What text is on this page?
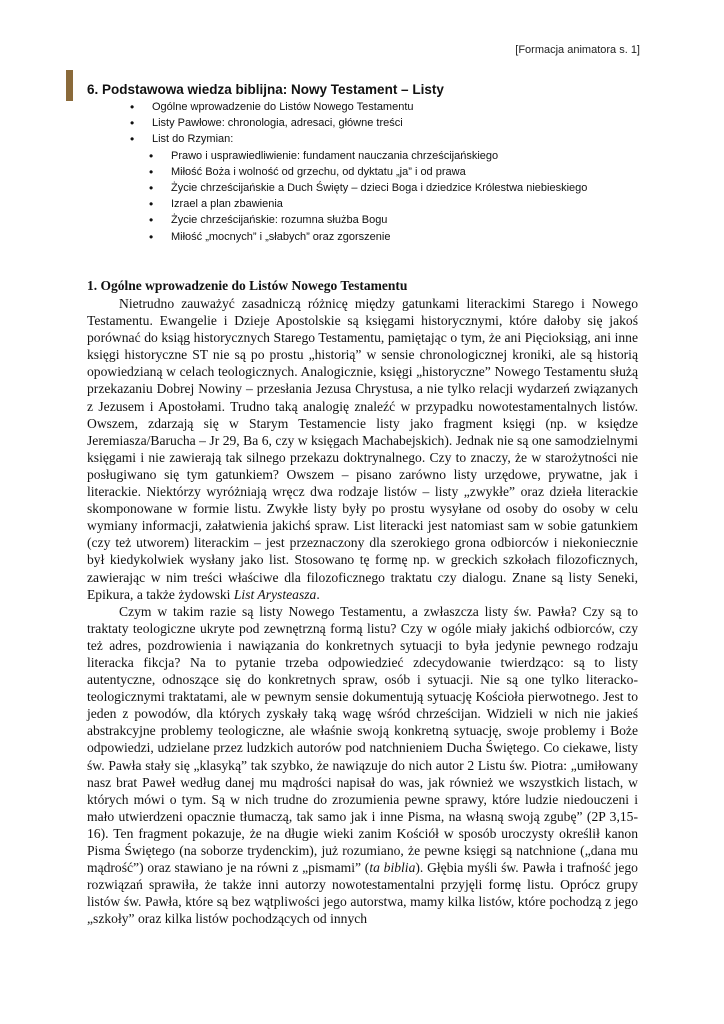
[Formacja animatora s. 1]
6. Podstawowa wiedza biblijna: Nowy Testament – Listy
• Ogólne wprowadzenie do Listów Nowego Testamentu
• Listy Pawłowe: chronologia, adresaci, główne treści
• List do Rzymian:
• Prawo i usprawiedliwienie: fundament nauczania chrześcijańskiego
• Miłość Boża i wolność od grzechu, od dyktatu „ja” i od prawa
• Życie chrześcijańskie a Duch Święty – dzieci Boga i dziedzice Królestwa niebieskiego
• Izrael a plan zbawienia
• Życie chrześcijańskie: rozumna służba Bogu
• Miłość „mocnych” i „słabych” oraz zgorszenie
1. Ogólne wprowadzenie do Listów Nowego Testamentu

Nietrudno zauważyć zasadniczą różnicę między gatunkami literackimi Starego i Nowego Testamentu. Ewangelie i Dzieje Apostolskie są księgami historycznymi, które dałoby się jakoś porównać do ksiąg historycznych Starego Testamentu, pamiętając o tym, że ani Pięcioksiąg, ani inne księgi historyczne ST nie są po prostu „historią” w sensie chronologicznej kroniki, ale są historią opowiedzianą w celach teologicznych. Analogicznie, księgi „historyczne” Nowego Testamentu służą przekazaniu Dobrej Nowiny – przesłania Jezusa Chrystusa, a nie tylko relacji wydarzeń związanych z Jezusem i Apostołami. Trudno taką analogię znaleźć w przypadku nowotestamentalnych listów. Owszem, zdarzają się w Starym Testamencie listy jako fragment księgi (np. w księdze Jeremiasza/Barucha – Jr 29, Ba 6, czy w księgach Machabejskich). Jednak nie są one samodzielnymi księgami i nie zawierają tak silnego przekazu doktrynalnego. Czy to znaczy, że w starożytności nie posługiwano się tym gatunkiem? Owszem – pisano zarówno listy urzędowe, prywatne, jak i literackie. Niektórzy wyróżniają wręcz dwa rodzaje listów – listy „zwykłe” oraz dzieła literackie skomponowane w formie listu. Zwykłe listy były po prostu wysyłane od osoby do osoby w celu wymiany informacji, załatwienia jakichś spraw. List literacki jest natomiast sam w sobie gatunkiem (czy też utworem) literackim – jest przeznaczony dla szerokiego grona odbiorców i niekoniecznie był kiedykolwiek wysłany jako list. Stosowano tę formę np. w greckich szkołach filozoficznych, zawierając w nim treści właściwe dla filozoficznego traktatu czy dialogu. Znane są listy Seneki, Epikura, a także żydowski List Arysteasza.

Czym w takim razie są listy Nowego Testamentu, a zwłaszcza listy św. Pawła? Czy są to traktaty teologiczne ukryte pod zewnętrzną formą listu? Czy w ogóle miały jakichś odbiorców, czy też adres, pozdrowienia i nawiązania do konkretnych sytuacji to była jedynie pewnego rodzaju literacka fikcja? Na to pytanie trzeba odpowiedzieć zdecydowanie twierdząco: są to listy autentyczne, odnoszące się do konkretnych spraw, osób i sytuacji. Nie są one tylko literacko-teologicznymi traktatami, ale w pewnym sensie dokumentują sytuację Kościoła pierwotnego. Jest to jeden z powodów, dla których zyskały taką wagę wśród chrześcijan. Widzieli w nich nie jakieś abstrakcyjne problemy teologiczne, ale właśnie swoją konkretną sytuację, swoje problemy i Boże odpowiedzi, udzielane przez ludzkich autorów pod natchnieniem Ducha Świętego. Co ciekawe, listy św. Pawła stały się „klasyką” tak szybko, że nawiązuje do nich autor 2 Listu św. Piotra: „umiłowany nasz brat Paweł według danej mu mądrości napisał do was, jak również we wszystkich listach, w których mówi o tym. Są w nich trudne do zrozumienia pewne sprawy, które ludzie niedouczeni i mało utwierdzeni opacznie tłumaczą, tak samo jak i inne Pisma, na własną swoją zgubę” (2P 3,15-16). Ten fragment pokazuje, że na długie wieki zanim Kościół w sposób uroczysty określił kanon Pisma Świętego (na soborze trydenckim), już rozumiano, że pewne księgi są natchnione („dana mu mądrość”) oraz stawiano je na równi z „pismami” (ta biblia). Głębia myśli św. Pawła i trafność jego rozwiązań sprawiła, że także inni autorzy nowotestamentalni przyjęli formę listu. Oprócz grupy listów św. Pawła, które są bez wątpliwości jego autorstwa, mamy kilka listów, które pochodzą z jego „szkoły” oraz kilka listów pochodzących od innych
